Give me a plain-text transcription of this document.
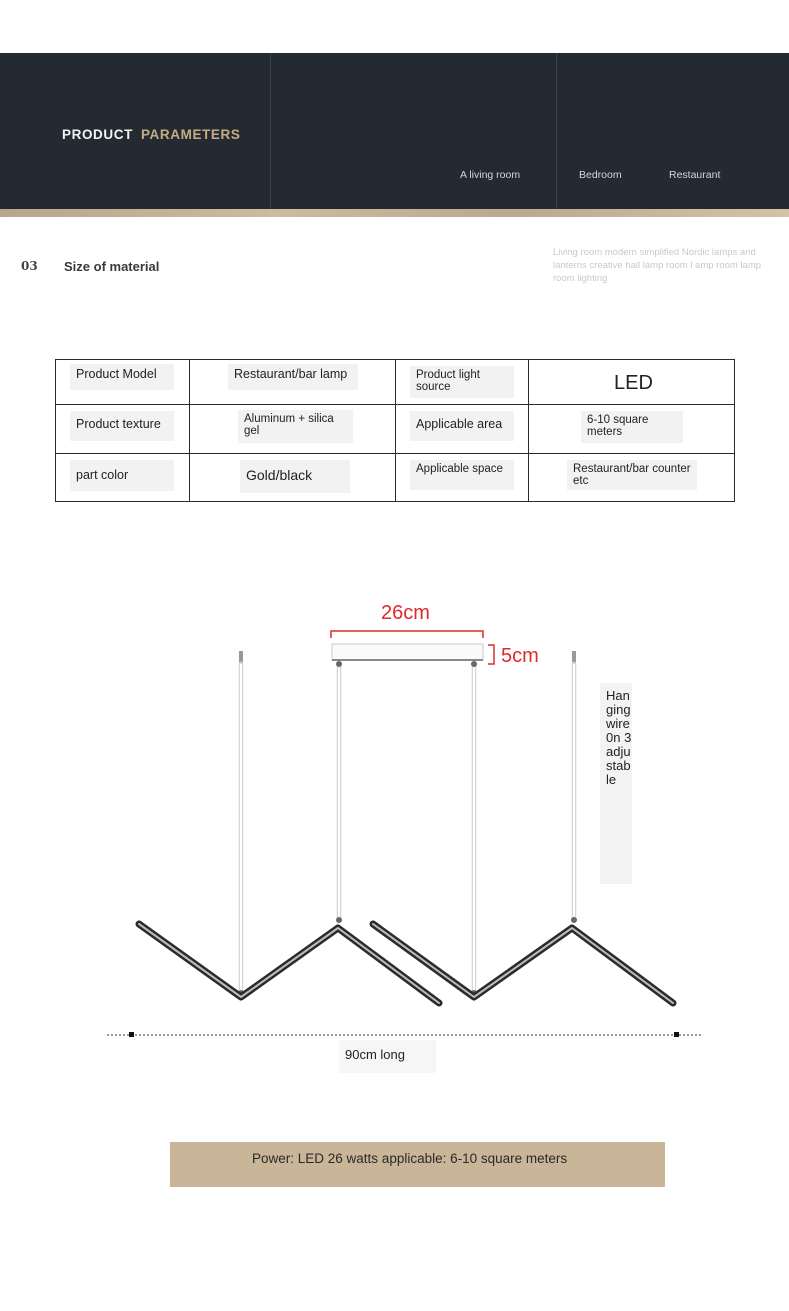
PRODUCT PARAMETERS
A living room	Bedroom	Restaurant
03 Size of material
Living room modern simplified Nordic lamps and lanterns creative hall lamp room l amp room lamp room lighting
Product Model	Restaurant/bar lamp	Product light source	LED

Product texture	Aluminum + silica gel	Applicable area	6-10 square meters

part color	Gold/black	Applicable space	Restaurant/bar counter etc
26cm
5cm
Hanging wire 0n 3 adjustable
90cm long
Power: LED 26 watts applicable: 6-10 square meters
